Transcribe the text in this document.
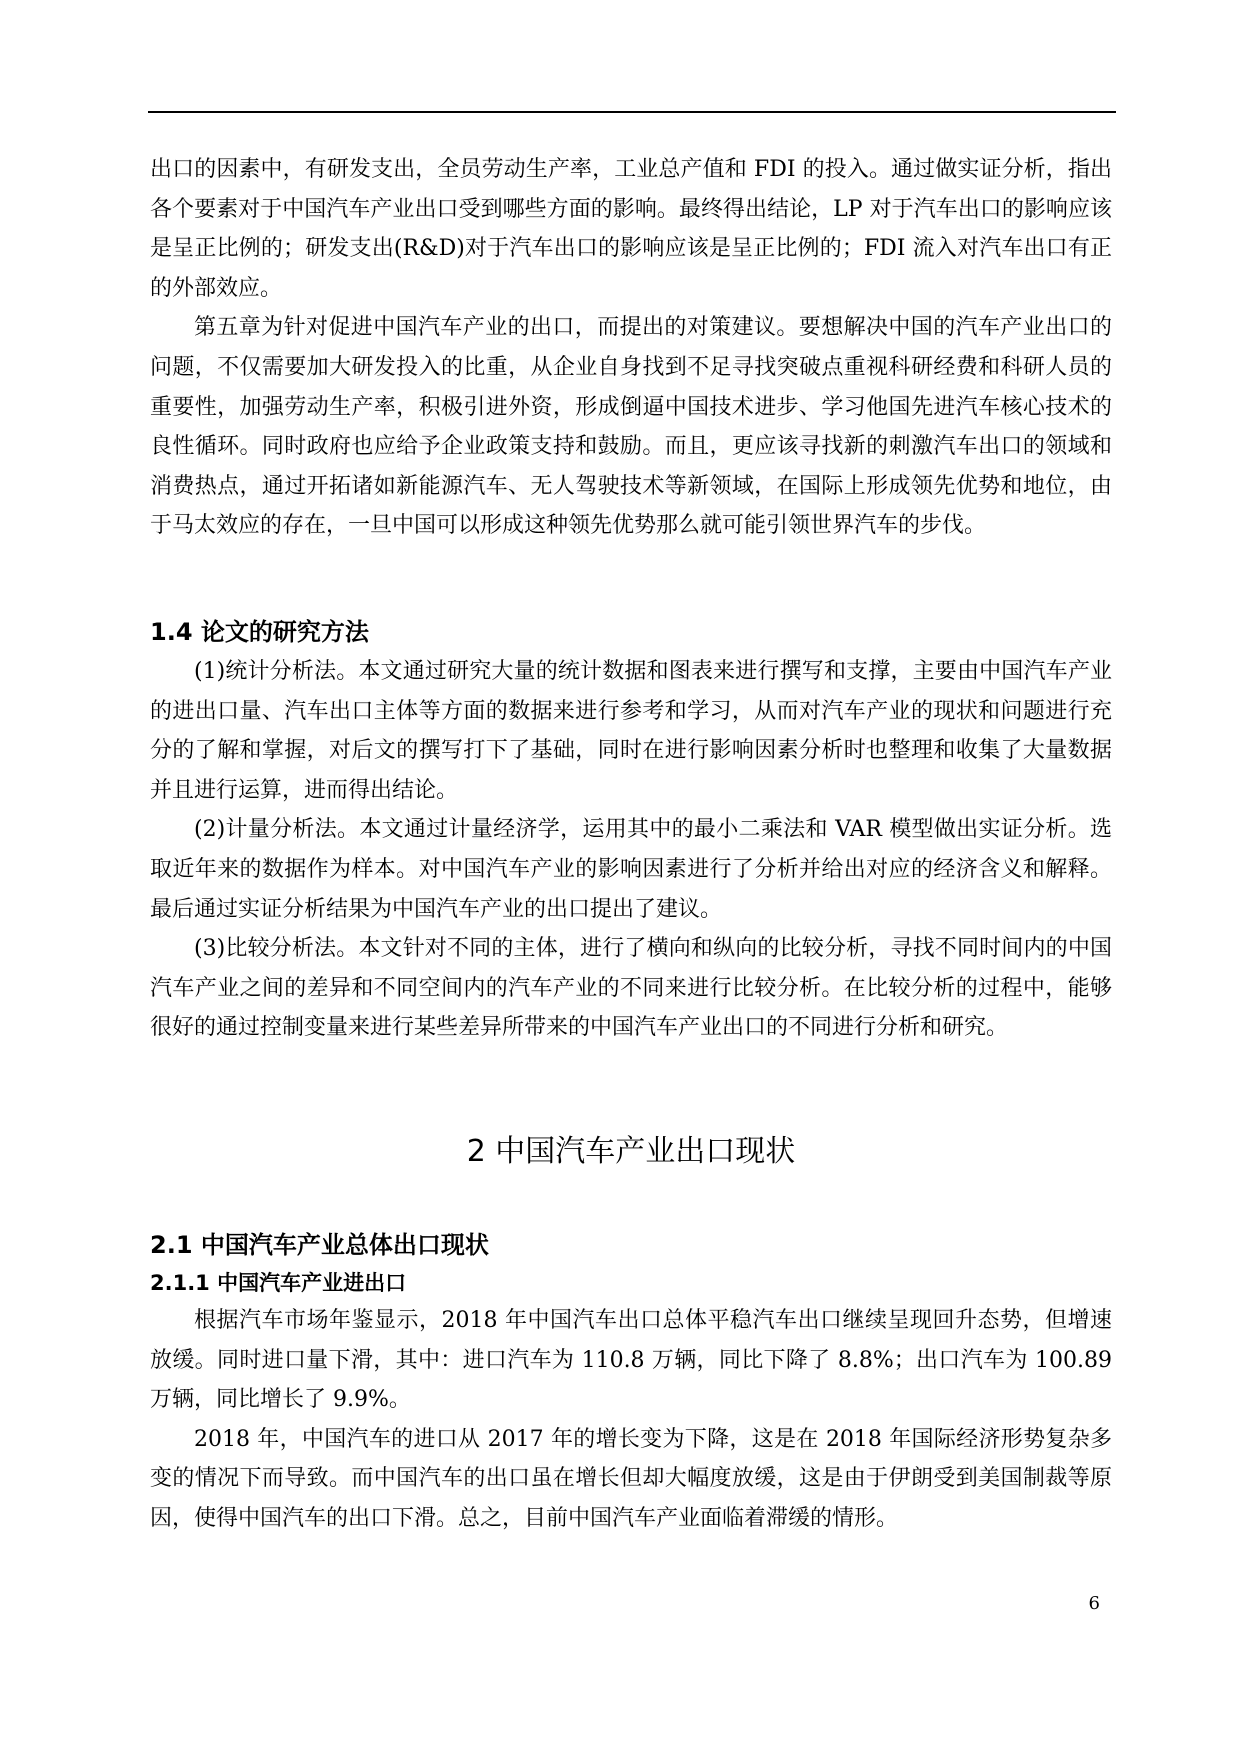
出口的因素中，有研发支出，全员劳动生产率，工业总产值和 FDI 的投入。通过做实证分析，指出各个要素对于中国汽车产业出口受到哪些方面的影响。最终得出结论，LP 对于汽车出口的影响应该是呈正比例的；研发支出(R&D)对于汽车出口的影响应该是呈正比例的；FDI 流入对汽车出口有正的外部效应。

第五章为针对促进中国汽车产业的出口，而提出的对策建议。要想解决中国的汽车产业出口的问题，不仅需要加大研发投入的比重，从企业自身找到不足寻找突破点重视科研经费和科研人员的重要性，加强劳动生产率，积极引进外资，形成倒逼中国技术进步、学习他国先进汽车核心技术的良性循环。同时政府也应给予企业政策支持和鼓励。而且，更应该寻找新的刺激汽车出口的领域和消费热点，通过开拓诸如新能源汽车、无人驾驶技术等新领域，在国际上形成领先优势和地位，由于马太效应的存在，一旦中国可以形成这种领先优势那么就可能引领世界汽车的步伐。

1.4 论文的研究方法

(1)统计分析法。本文通过研究大量的统计数据和图表来进行撰写和支撑，主要由中国汽车产业的进出口量、汽车出口主体等方面的数据来进行参考和学习，从而对汽车产业的现状和问题进行充分的了解和掌握，对后文的撰写打下了基础，同时在进行影响因素分析时也整理和收集了大量数据并且进行运算，进而得出结论。

(2)计量分析法。本文通过计量经济学，运用其中的最小二乘法和 VAR 模型做出实证分析。选取近年来的数据作为样本。对中国汽车产业的影响因素进行了分析并给出对应的经济含义和解释。最后通过实证分析结果为中国汽车产业的出口提出了建议。

(3)比较分析法。本文针对不同的主体，进行了横向和纵向的比较分析，寻找不同时间内的中国汽车产业之间的差异和不同空间内的汽车产业的不同来进行比较分析。在比较分析的过程中，能够很好的通过控制变量来进行某些差异所带来的中国汽车产业出口的不同进行分析和研究。

2 中国汽车产业出口现状
2.1 中国汽车产业总体出口现状
2.1.1 中国汽车产业进出口

根据汽车市场年鉴显示，2018 年中国汽车出口总体平稳汽车出口继续呈现回升态势，但增速放缓。同时进口量下滑，其中：进口汽车为 110.8 万辆，同比下降了 8.8%；出口汽车为 100.89 万辆，同比增长了 9.9%。

2018 年，中国汽车的进口从 2017 年的增长变为下降，这是在 2018 年国际经济形势复杂多变的情况下而导致。而中国汽车的出口虽在增长但却大幅度放缓，这是由于伊朗受到美国制裁等原因，使得中国汽车的出口下滑。总之，目前中国汽车产业面临着滞缓的情形。

6
